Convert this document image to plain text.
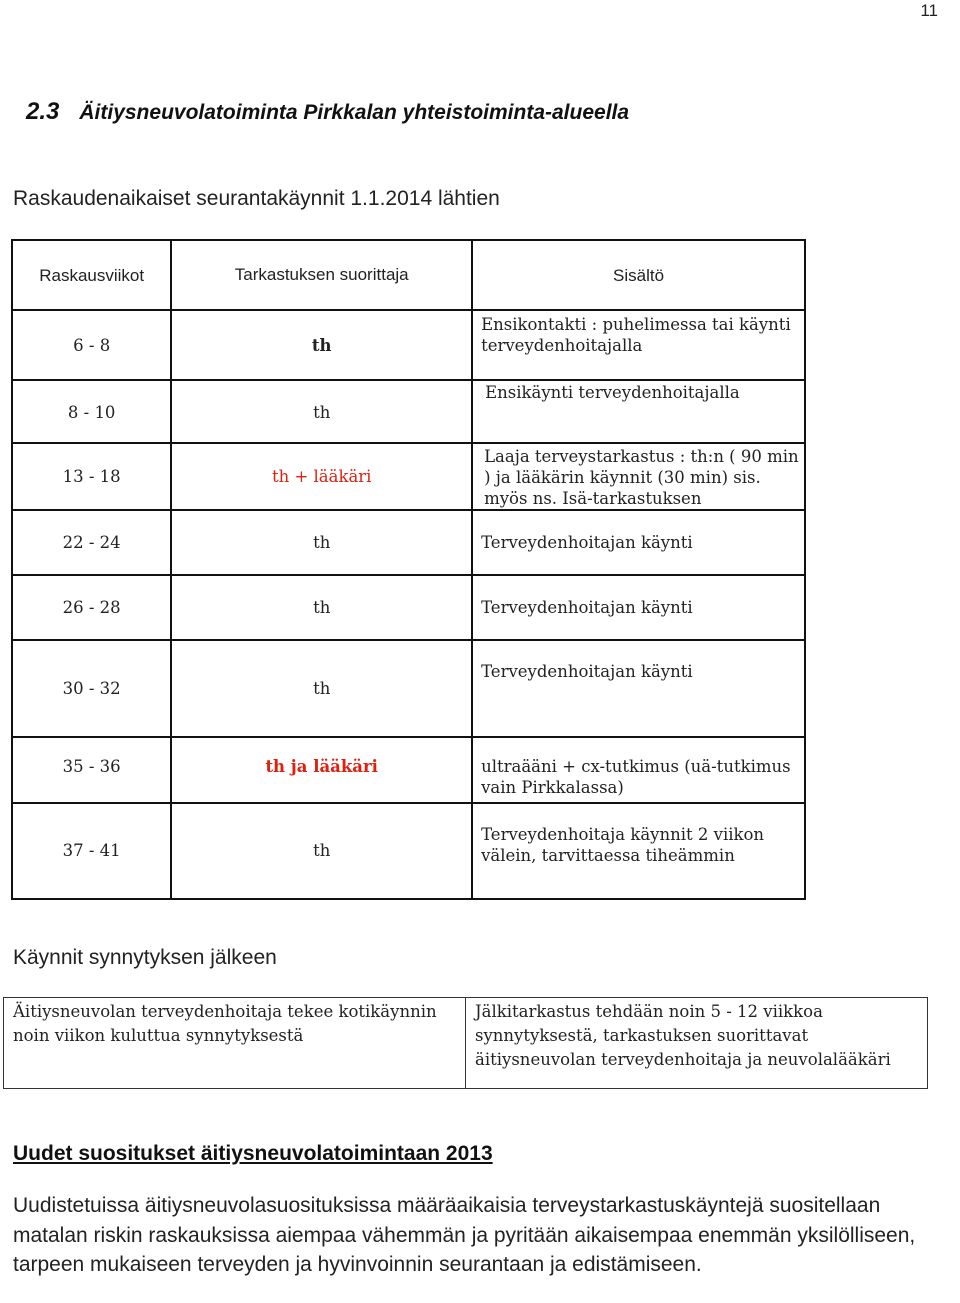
11
2.3 Äitiysneuvolatoiminta Pirkkalan yhteistoiminta-alueella
Raskaudenaikaiset seurantakäynnit 1.1.2014 lähtien
Raskausviikot	Tarkastuksen suorittaja	Sisältö
6 - 8	th	Ensikontakti : puhelimessa tai käynti terveydenhoitajalla
8 - 10	th	Ensikäynti terveydenhoitajalla
13 - 18	th + lääkäri	Laaja terveystarkastus : th:n ( 90 min ) ja lääkärin käynnit (30 min) sis. myös ns. Isä-tarkastuksen
22 - 24	th	Terveydenhoitajan käynti
26 - 28	th	Terveydenhoitajan käynti
30 - 32	th	Terveydenhoitajan käynti
35 - 36	th ja lääkäri	ultraääni + cx-tutkimus (uä-tutkimus vain Pirkkalassa)
37 - 41	th	Terveydenhoitaja käynnit 2 viikon välein, tarvittaessa tiheämmin
Käynnit synnytyksen jälkeen
Äitiysneuvolan terveydenhoitaja tekee kotikäynnin noin viikon kuluttua synnytyksestä	Jälkitarkastus tehdään noin 5 - 12 viikkoa synnytyksestä, tarkastuksen suorittavat äitiysneuvolan terveydenhoitaja ja neuvolalääkäri
Uudet suositukset äitiysneuvolatoimintaan 2013
Uudistetuissa äitiysneuvolasuosituksissa määräaikaisia terveystarkastuskäyntejä suositellaan matalan riskin raskauksissa aiempaa vähemmän ja pyritään aikaisempaa enemmän yksilölliseen, tarpeen mukaiseen terveyden ja hyvinvoinnin seurantaan ja edistämiseen.
